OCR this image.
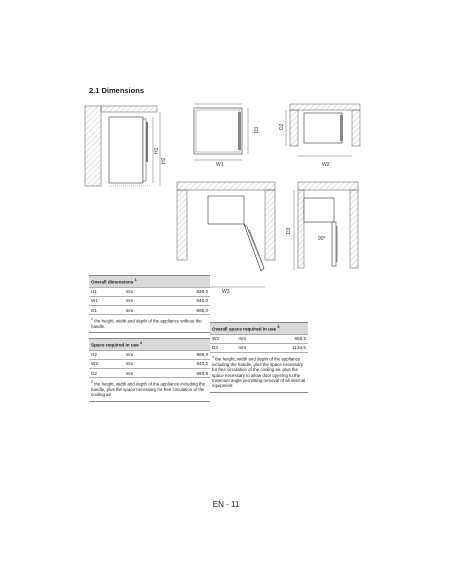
2.1 Dimensions
H1
H2
W1
D1
W2
D2
W3
D3
90°
Overall dimensions $^1$
H1	mm	838,0
W1	mm	540,0
D1	mm	595,0
$^1$ the height, width and depth of the appliance without the handle.		
Space required in use $^2$
H2	mm	988,0
W2	mm	640,0
D2	mm	692,8
$^2$ the height, width and depth of the appliance including the handle, plus the space necessary for free circulation of the cooling air		
Overall space required in use $^3$
W3	mm	658,5
D3	mm	1134,5
$^3$ the height, width and depth of the appliance including the handle, plus the space necessary for free circulation of the cooling air, plus the space necessary to allow door opening to the minimum angle permitting removal of all internal equipment		
EN - 11
